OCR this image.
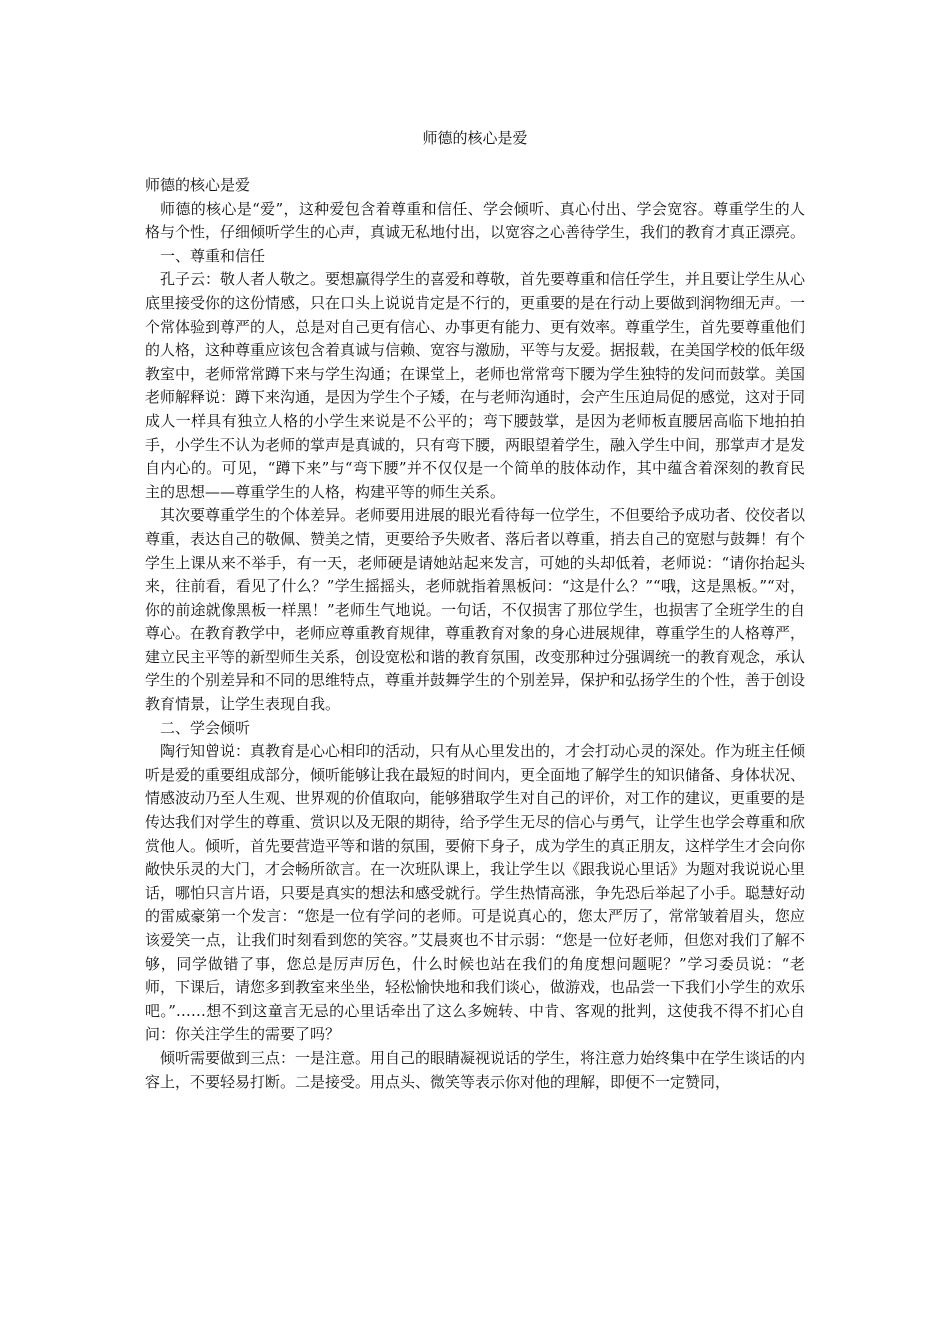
师德的核心是爱

师德的核心是爱

师德的核心是“爱”，这种爱包含着尊重和信任、学会倾听、真心付出、学会宽容。尊重学生的人格与个性，仔细倾听学生的心声，真诚无私地付出，以宽容之心善待学生，我们的教育才真正漂亮。

一、尊重和信任

孔子云：敬人者人敬之。要想赢得学生的喜爱和尊敬，首先要尊重和信任学生，并且要让学生从心底里接受你的这份情感，只在口头上说说肯定是不行的，更重要的是在行动上要做到润物细无声。一个常体验到尊严的人，总是对自己更有信心、办事更有能力、更有效率。尊重学生，首先要尊重他们的人格，这种尊重应该包含着真诚与信赖、宽容与激励，平等与友爱。据报载，在美国学校的低年级教室中，老师常常蹲下来与学生沟通；在课堂上，老师也常常弯下腰为学生独特的发问而鼓掌。美国老师解释说：蹲下来沟通，是因为学生个子矮，在与老师沟通时，会产生压迫局促的感觉，这对于同成人一样具有独立人格的小学生来说是不公平的；弯下腰鼓掌，是因为老师板直腰居高临下地拍拍手，小学生不认为老师的掌声是真诚的，只有弯下腰，两眼望着学生，融入学生中间，那掌声才是发自内心的。可见，“蹲下来”与“弯下腰”并不仅仅是一个简单的肢体动作，其中蕴含着深刻的教育民主的思想——尊重学生的人格，构建平等的师生关系。

其次要尊重学生的个体差异。老师要用进展的眼光看待每一位学生，不但要给予成功者、佼佼者以尊重，表达自己的敬佩、赞美之情，更要给予失败者、落后者以尊重，捎去自己的宽慰与鼓舞！有个学生上课从来不举手，有一天，老师硬是请她站起来发言，可她的头却低着，老师说：“请你抬起头来，往前看，看见了什么？”学生摇摇头，老师就指着黑板问：“这是什么？”“哦，这是黑板。”“对，你的前途就像黑板一样黑！”老师生气地说。一句话，不仅损害了那位学生，也损害了全班学生的自尊心。在教育教学中，老师应尊重教育规律，尊重教育对象的身心进展规律，尊重学生的人格尊严，建立民主平等的新型师生关系，创设宽松和谐的教育氛围，改变那种过分强调统一的教育观念，承认学生的个别差异和不同的思维特点，尊重并鼓舞学生的个别差异，保护和弘扬学生的个性，善于创设教育情景，让学生表现自我。

二、学会倾听

陶行知曾说：真教育是心心相印的活动，只有从心里发出的，才会打动心灵的深处。作为班主任倾听是爱的重要组成部分，倾听能够让我在最短的时间内，更全面地了解学生的知识储备、身体状况、情感波动乃至人生观、世界观的价值取向，能够猎取学生对自己的评价，对工作的建议，更重要的是传达我们对学生的尊重、赏识以及无限的期待，给予学生无尽的信心与勇气，让学生也学会尊重和欣赏他人。倾听，首先要营造平等和谐的氛围，要俯下身子，成为学生的真正朋友，这样学生才会向你敞快乐灵的大门，才会畅所欲言。在一次班队课上，我让学生以《跟我说心里话》为题对我说说心里话，哪怕只言片语，只要是真实的想法和感受就行。学生热情高涨，争先恐后举起了小手。聪慧好动的雷威豪第一个发言：“您是一位有学问的老师。可是说真心的，您太严厉了，常常皱着眉头，您应该爱笑一点，让我们时刻看到您的笑容。”艾晨爽也不甘示弱：“您是一位好老师，但您对我们了解不够，同学做错了事，您总是厉声厉色，什么时候也站在我们的角度想问题呢？”学习委员说：“老师，下课后，请您多到教室来坐坐，轻松愉快地和我们谈心，做游戏，也品尝一下我们小学生的欢乐吧。”……想不到这童言无忌的心里话牵出了这么多婉转、中肯、客观的批判，这使我不得不扪心自问：你关注学生的需要了吗？

倾听需要做到三点：一是注意。用自己的眼睛凝视说话的学生，将注意力始终集中在学生谈话的内容上，不要轻易打断。二是接受。用点头、微笑等表示你对他的理解，即便不一定赞同，
